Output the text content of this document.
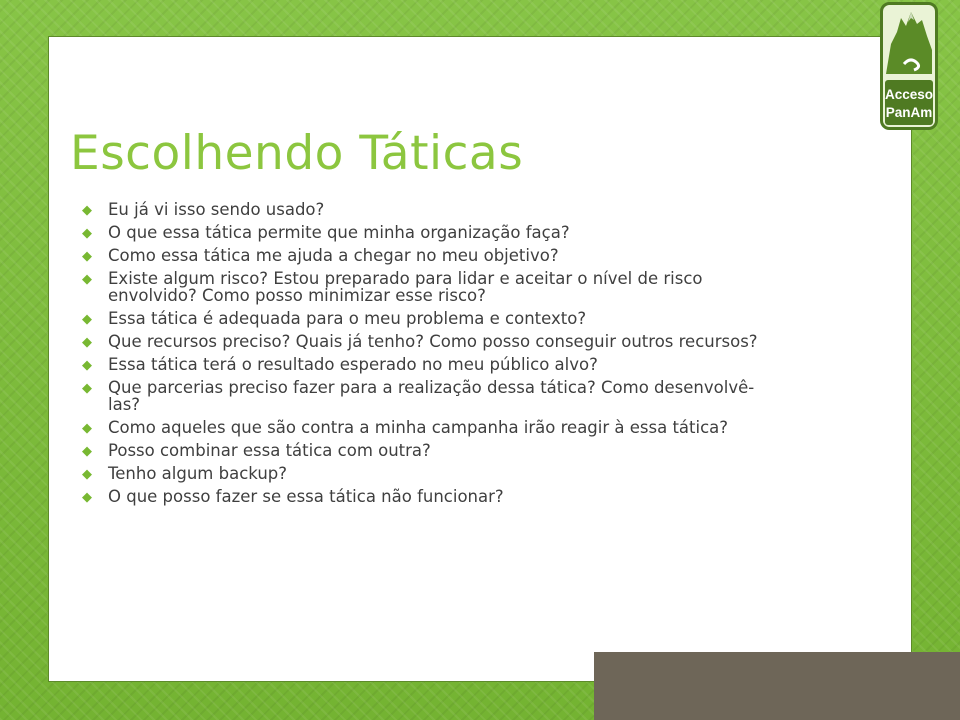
Escolhendo Táticas
◆ Eu já vi isso sendo usado?
◆ O que essa tática permite que minha organização faça?
◆ Como essa tática me ajuda a chegar no meu objetivo?
◆ Existe algum risco? Estou preparado para lidar e aceitar o nível de risco envolvido? Como posso minimizar esse risco?
◆ Essa tática é adequada para o meu problema e contexto?
◆ Que recursos preciso? Quais já tenho? Como posso conseguir outros recursos?
◆ Essa tática terá o resultado esperado no meu público alvo?
◆ Que parcerias preciso fazer para a realização dessa tática? Como desenvolvê-las?
◆ Como aqueles que são contra a minha campanha irão reagir à essa tática?
◆ Posso combinar essa tática com outra?
◆ Tenho algum backup?
◆ O que posso fazer se essa tática não funcionar?
Acceso
PanAm
